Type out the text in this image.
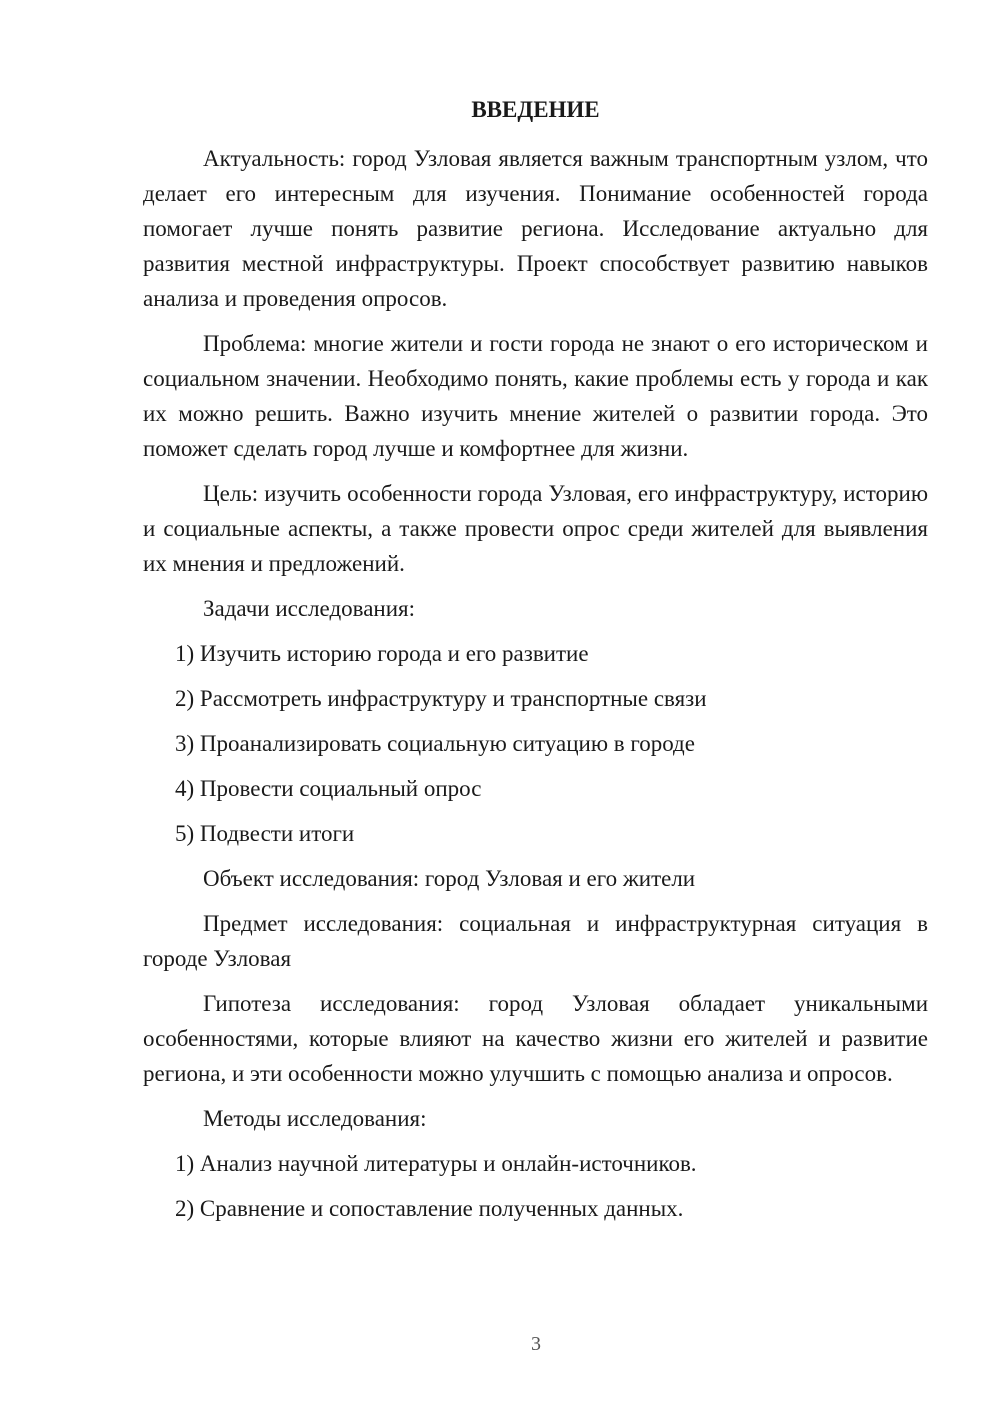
ВВЕДЕНИЕ

Актуальность: город Узловая является важным транспортным узлом, что делает его интересным для изучения. Понимание особенностей города помогает лучше понять развитие региона. Исследование актуально для развития местной инфраструктуры. Проект способствует развитию навыков анализа и проведения опросов.

Проблема: многие жители и гости города не знают о его историческом и социальном значении. Необходимо понять, какие проблемы есть у города и как их можно решить. Важно изучить мнение жителей о развитии города. Это поможет сделать город лучше и комфортнее для жизни.

Цель: изучить особенности города Узловая, его инфраструктуру, историю и социальные аспекты, а также провести опрос среди жителей для выявления их мнения и предложений.

Задачи исследования:

1) Изучить историю города и его развитие

2) Рассмотреть инфраструктуру и транспортные связи

3) Проанализировать социальную ситуацию в городе

4) Провести социальный опрос

5) Подвести итоги

Объект исследования: город Узловая и его жители

Предмет исследования: социальная и инфраструктурная ситуация в городе Узловая

Гипотеза исследования: город Узловая обладает уникальными особенностями, которые влияют на качество жизни его жителей и развитие региона, и эти особенности можно улучшить с помощью анализа и опросов.

Методы исследования:

1) Анализ научной литературы и онлайн-источников.

2) Сравнение и сопоставление полученных данных.

3
